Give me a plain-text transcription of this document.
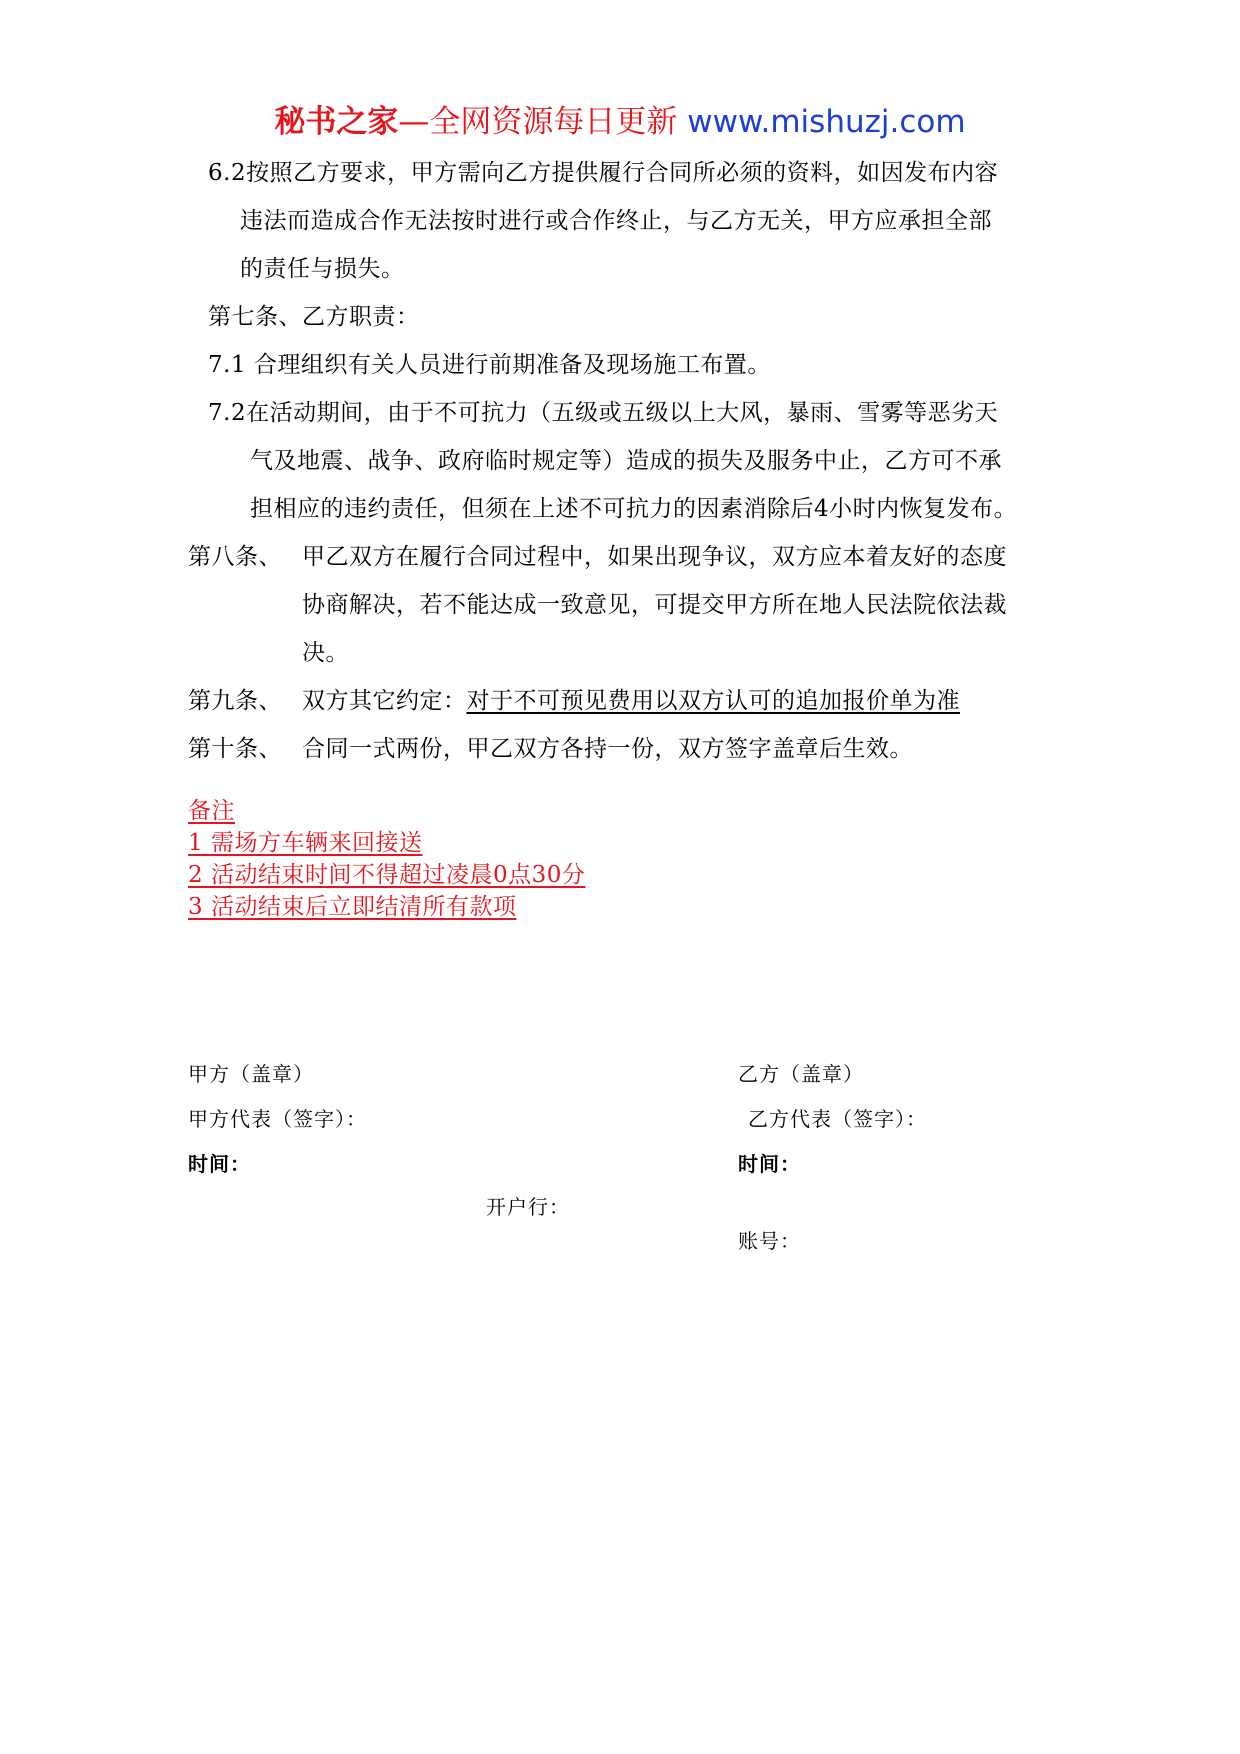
秘书之家—全网资源每日更新 www.mishuzj.com
6.2按照乙方要求，甲方需向乙方提供履行合同所必须的资料，如因发布内容
违法而造成合作无法按时进行或合作终止，与乙方无关，甲方应承担全部
的责任与损失。
第七条、乙方职责：
7.1 合理组织有关人员进行前期准备及现场施工布置。
7.2在活动期间，由于不可抗力（五级或五级以上大风，暴雨、雪雾等恶劣天
气及地震、战争、政府临时规定等）造成的损失及服务中止，乙方可不承
担相应的违约责任，但须在上述不可抗力的因素消除后4小时内恢复发布。
第八条、 甲乙双方在履行合同过程中，如果出现争议，双方应本着友好的态度
协商解决，若不能达成一致意见，可提交甲方所在地人民法院依法裁
决。
第九条、 双方其它约定：对于不可预见费用以双方认可的追加报价单为准
第十条、 合同一式两份，甲乙双方各持一份，双方签字盖章后生效。
备注
1 需场方车辆来回接送
2 活动结束时间不得超过凌晨0点30分
3 活动结束后立即结清所有款项
甲方（盖章）	乙方（盖章）
甲方代表（签字）：	乙方代表（签字）：
时间：	时间：
开户行：
账号：
